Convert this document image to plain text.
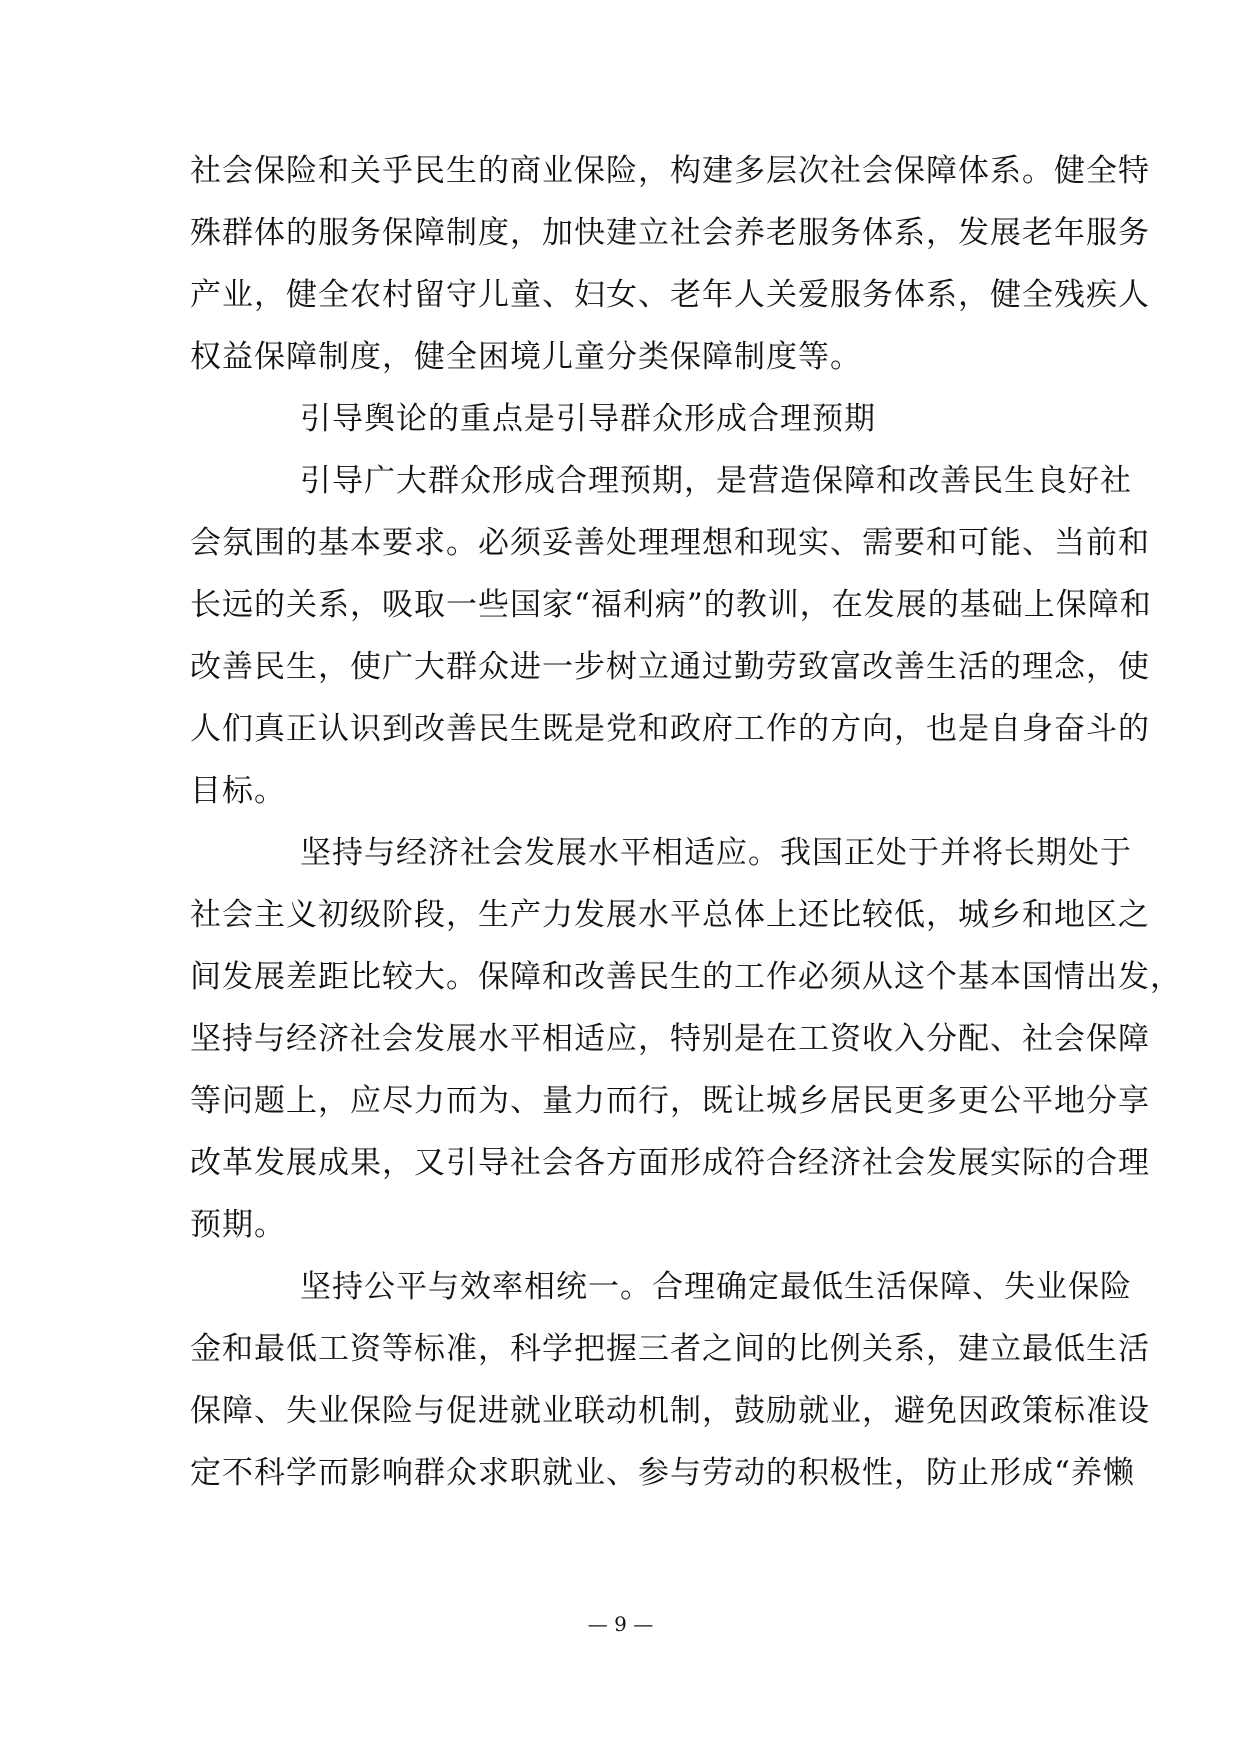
社会保险和关乎民生的商业保险，构建多层次社会保障体系。健全特
殊群体的服务保障制度，加快建立社会养老服务体系，发展老年服务
产业，健全农村留守儿童、妇女、老年人关爱服务体系，健全残疾人
权益保障制度，健全困境儿童分类保障制度等。
引导舆论的重点是引导群众形成合理预期
引导广大群众形成合理预期，是营造保障和改善民生良好社
会氛围的基本要求。必须妥善处理理想和现实、需要和可能、当前和
长远的关系，吸取一些国家“福利病”的教训，在发展的基础上保障和
改善民生，使广大群众进一步树立通过勤劳致富改善生活的理念，使
人们真正认识到改善民生既是党和政府工作的方向，也是自身奋斗的
目标。
坚持与经济社会发展水平相适应。我国正处于并将长期处于
社会主义初级阶段，生产力发展水平总体上还比较低，城乡和地区之
间发展差距比较大。保障和改善民生的工作必须从这个基本国情出发，
坚持与经济社会发展水平相适应，特别是在工资收入分配、社会保障
等问题上，应尽力而为、量力而行，既让城乡居民更多更公平地分享
改革发展成果，又引导社会各方面形成符合经济社会发展实际的合理
预期。
坚持公平与效率相统一。合理确定最低生活保障、失业保险
金和最低工资等标准，科学把握三者之间的比例关系，建立最低生活
保障、失业保险与促进就业联动机制，鼓励就业，避免因政策标准设
定不科学而影响群众求职就业、参与劳动的积极性，防止形成“养懒
— 9 —
